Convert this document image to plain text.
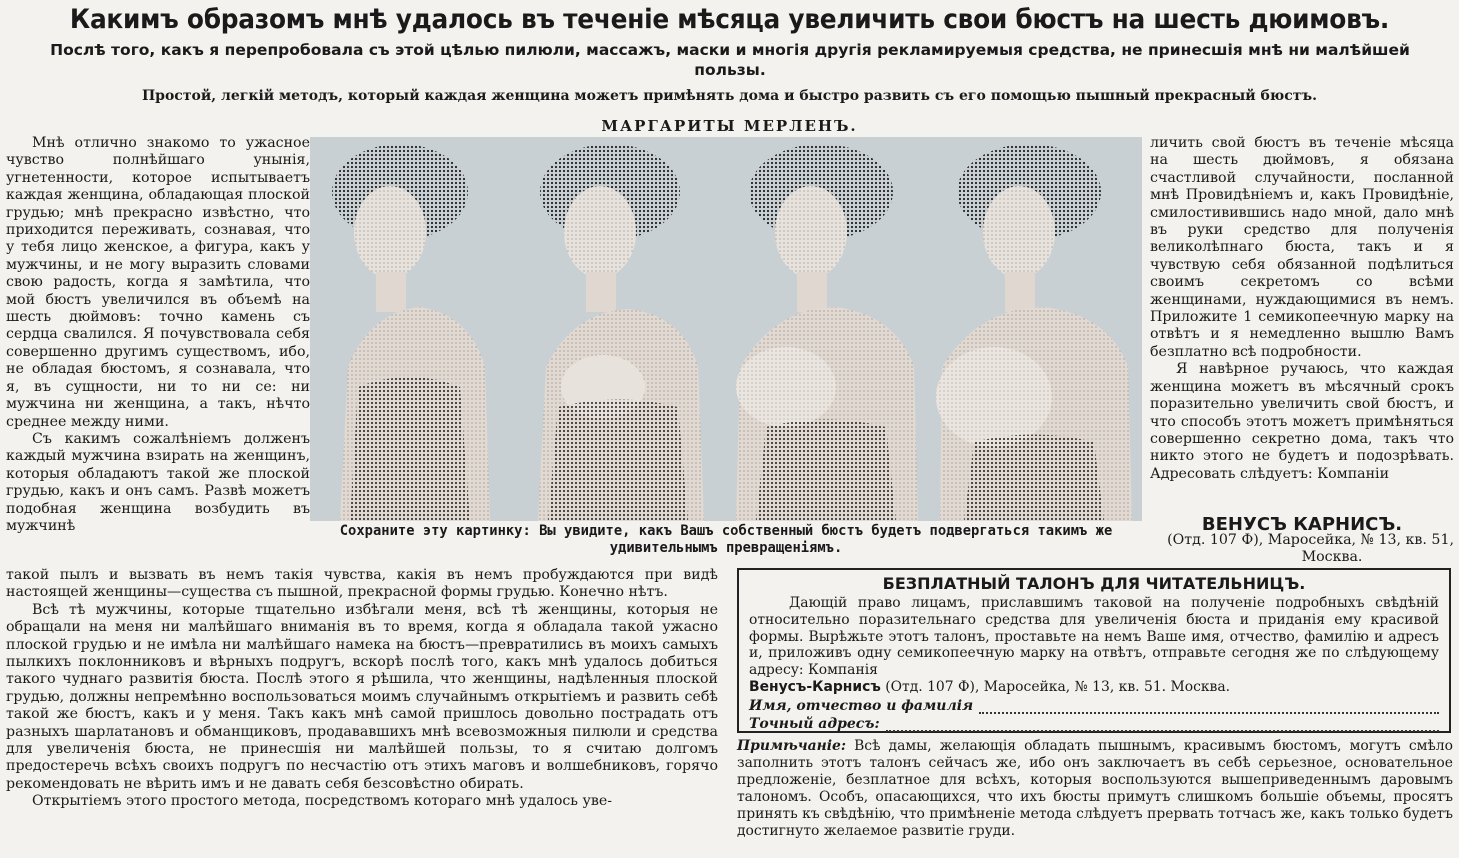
Какимъ образомъ мнѣ удалось въ теченіе мѣсяца увеличить свои бюстъ на шесть дюимовъ.
Послѣ того, какъ я перепробовала съ этой цѣлью пилюли, массажъ, маски и многія другія рекламируемыя средства, не принесшія мнѣ ни малѣйшей пользы.
Простой, легкій методъ, который каждая женщина можетъ примѣнять дома и быстро развить съ его помощью пышный прекрасный бюстъ.
МАРГАРИТЫ МЕРЛЕНЪ.

Мнѣ отлично знакомо то ужасное чувство полнѣйшаго унынія, угнетенности, которое испытываетъ каждая женщина, обладающая плоской грудью; мнѣ прекрасно извѣстно, что приходится переживать, сознавая, что у тебя лицо женское, а фигура, какъ у мужчины, и не могу выразить словами свою радость, когда я замѣтила, что мой бюстъ увеличился въ объемѣ на шесть дюймовъ: точно камень съ сердца свалился. Я почувствовала себя совершенно другимъ существомъ, ибо, не обладая бюстомъ, я сознавала, что я, въ сущности, ни то ни се: ни мужчина ни женщина, а такъ, нѣчто среднее между ними.

Съ какимъ сожалѣніемъ долженъ каждый мужчина взирать на женщинъ, которыя обладаютъ такой же плоской грудью, какъ и онъ самъ. Развѣ можетъ подобная женщина возбудить въ мужчинѣ	Сохраните эту картинку: Вы увидите, какъ Вашъ собственный бюстъ будетъ подвергаться такимъ же удивительнымъ превращеніямъ.

личить свой бюстъ въ теченіе мѣсяца на шесть дюймовъ, я обязана счастливой случайности, посланной мнѣ Провидѣніемъ и, какъ Провидѣніе, смилостивившись надо мной, дало мнѣ въ руки средство для полученія великолѣпнаго бюста, такъ и я чувствую себя обязанной подѣлиться своимъ секретомъ со всѣми женщинами, нуждающимися въ немъ. Приложите 1 семикопеечную марку на отвѣтъ и я немедленно вышлю Вамъ безплатно всѣ подробности.

Я навѣрное ручаюсь, что каждая женщина можетъ въ мѣсячный срокъ поразительно увеличить свой бюстъ, и что способъ этотъ можетъ примѣняться совершенно секретно дома, такъ что никто этого не будетъ и подозрѣвать. Адресовать слѣдуетъ: Компаніи

ВЕНУСЪ КАРНИСЪ.
(Отд. 107 Ф), Маросейка, № 13, кв. 51,
Москва.

такой пылъ и вызвать въ немъ такія чувства, какія въ немъ пробуждаются при видѣ настоящей женщины—существа съ пышной, прекрасной формы грудью. Конечно нѣтъ.

Всѣ тѣ мужчины, которые тщательно избѣгали меня, всѣ тѣ женщины, которыя не обращали на меня ни малѣйшаго вниманія въ то время, когда я обладала такой ужасно плоской грудью и не имѣла ни малѣйшаго намека на бюстъ—превратились въ моихъ самыхъ пылкихъ поклонниковъ и вѣрныхъ подругъ, вскорѣ послѣ того, какъ мнѣ удалось добиться такого чуднаго развитія бюста. Послѣ этого я рѣшила, что женщины, надѣленныя плоской грудью, должны непремѣнно воспользоваться моимъ случайнымъ открытіемъ и развить себѣ такой же бюстъ, какъ и у меня. Такъ какъ мнѣ самой пришлось довольно пострадать отъ разныхъ шарлатановъ и обманщиковъ, продававшихъ мнѣ всевозможныя пилюли и средства для увеличенія бюста, не принесшія ни малѣйшей пользы, то я считаю долгомъ предостеречь всѣхъ своихъ подругъ по несчастію отъ этихъ маговъ и волшебниковъ, горячо рекомендовать не вѣрить имъ и не давать себя безсовѣстно обирать.

Открытіемъ этого простого метода, посредствомъ котораго мнѣ удалось уве-

БЕЗПЛАТНЫЙ ТАЛОНЪ ДЛЯ ЧИТАТЕЛЬНИЦЪ.
Дающій право лицамъ, приславшимъ таковой на полученіе подробныхъ свѣдѣній относительно поразительнаго средства для увеличенія бюста и приданія ему красивой формы. Вырѣжьте этотъ талонъ, проставьте на немъ Ваше имя, отчество, фамилію и адресъ и, приложивъ одну семикопеечную марку на отвѣтъ, отправьте сегодня же по слѣдующему адресу: Компанія
Венусъ-Карнисъ (Отд. 107 Ф), Маросейка, № 13, кв. 51. Москва.
Имя, отчество и фамилія
Точный адресъ:
Примѣчаніе: Всѣ дамы, желающія обладать пышнымъ, красивымъ бюстомъ, могутъ смѣло заполнить этотъ талонъ сейчасъ же, ибо онъ заключаетъ въ себѣ серьезное, основательное предложеніе, безплатное для всѣхъ, которыя воспользуются вышеприведеннымъ даровымъ талономъ. Особъ, опасающихся, что ихъ бюсты примутъ слишкомъ большіе объемы, просятъ принять къ свѣдѣнію, что примѣненіе метода слѣдуетъ прервать тотчасъ же, какъ только будетъ достигнуто желаемое развитіе груди.
